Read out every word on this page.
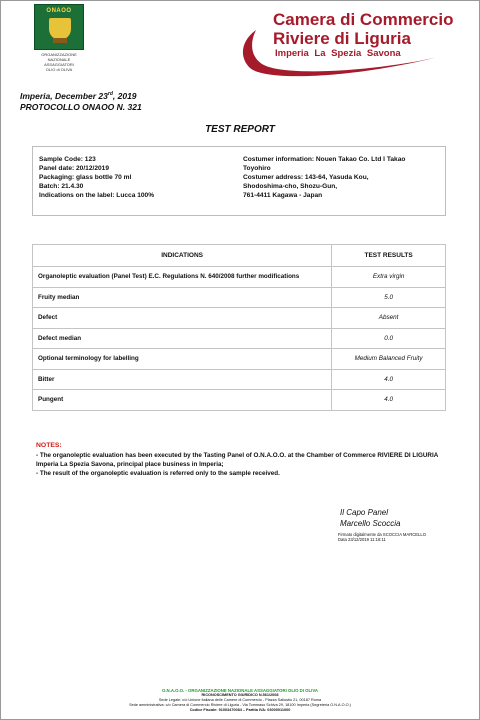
ONAOO
ORGANIZZAZIONE
NAZIONALE
ASSAGGIATORI
OLIO di OLIVA
Camera di Commercio
Riviere di Liguria
Imperia La Spezia Savona
Imperia, December 23rd, 2019
PROTOCOLLO ONAOO N. 321
TEST REPORT
Sample Code: 123
Panel date: 20/12/2019
Packaging: glass bottle 70 ml
Batch: 21.4.30
Indications on the label: Lucca 100%
Costumer information: Nouen Takao Co. Ltd I Takao
Toyohiro
Costumer address: 143-64, Yasuda Kou,
Shodoshima-cho, Shozu-Gun,
761-4411 Kagawa - Japan
INDICATIONS	TEST RESULTS
Organoleptic evaluation (Panel Test) E.C. Regulations N. 640/2008 further modifications	Extra virgin
Fruity median	5.0
Defect	Absent
Defect median	0.0
Optional terminology for labelling	Medium Balanced Fruity
Bitter	4.0
Pungent	4.0
NOTES:
- The organoleptic evaluation has been executed by the Tasting Panel of O.N.A.O.O. at the Chamber of Commerce RIVIERE DI LIGURIA Imperia La Spezia Savona, principal place business in Imperia;
- The result of the organoleptic evaluation is referred only to the sample received.
Il Capo Panel
Marcello Scoccia
Firmato digitalmente da SCOCCIA MARCELLO
Data 23/12/2019 11:16:11
O.N.A.O.O. - ORGANIZZAZIONE NAZIONALE ASSAGGIATORI OLIO DI OLIVA
RICONOSCIMENTO GIURIDICO N.561/2008
Sede Legale: c/o Unione Italiana delle Camere di Commercio - Piazza Sallustio 21, 00187 Roma
Sede amministrativa: c/o Camera di Commercio Riviere di Liguria - Via Tommaso Schiva 29, 18100 Imperia (Segreteria O.N.A.O.O.)
Codice Fiscale: 91003470084 – Partita IVA: 03000011000
